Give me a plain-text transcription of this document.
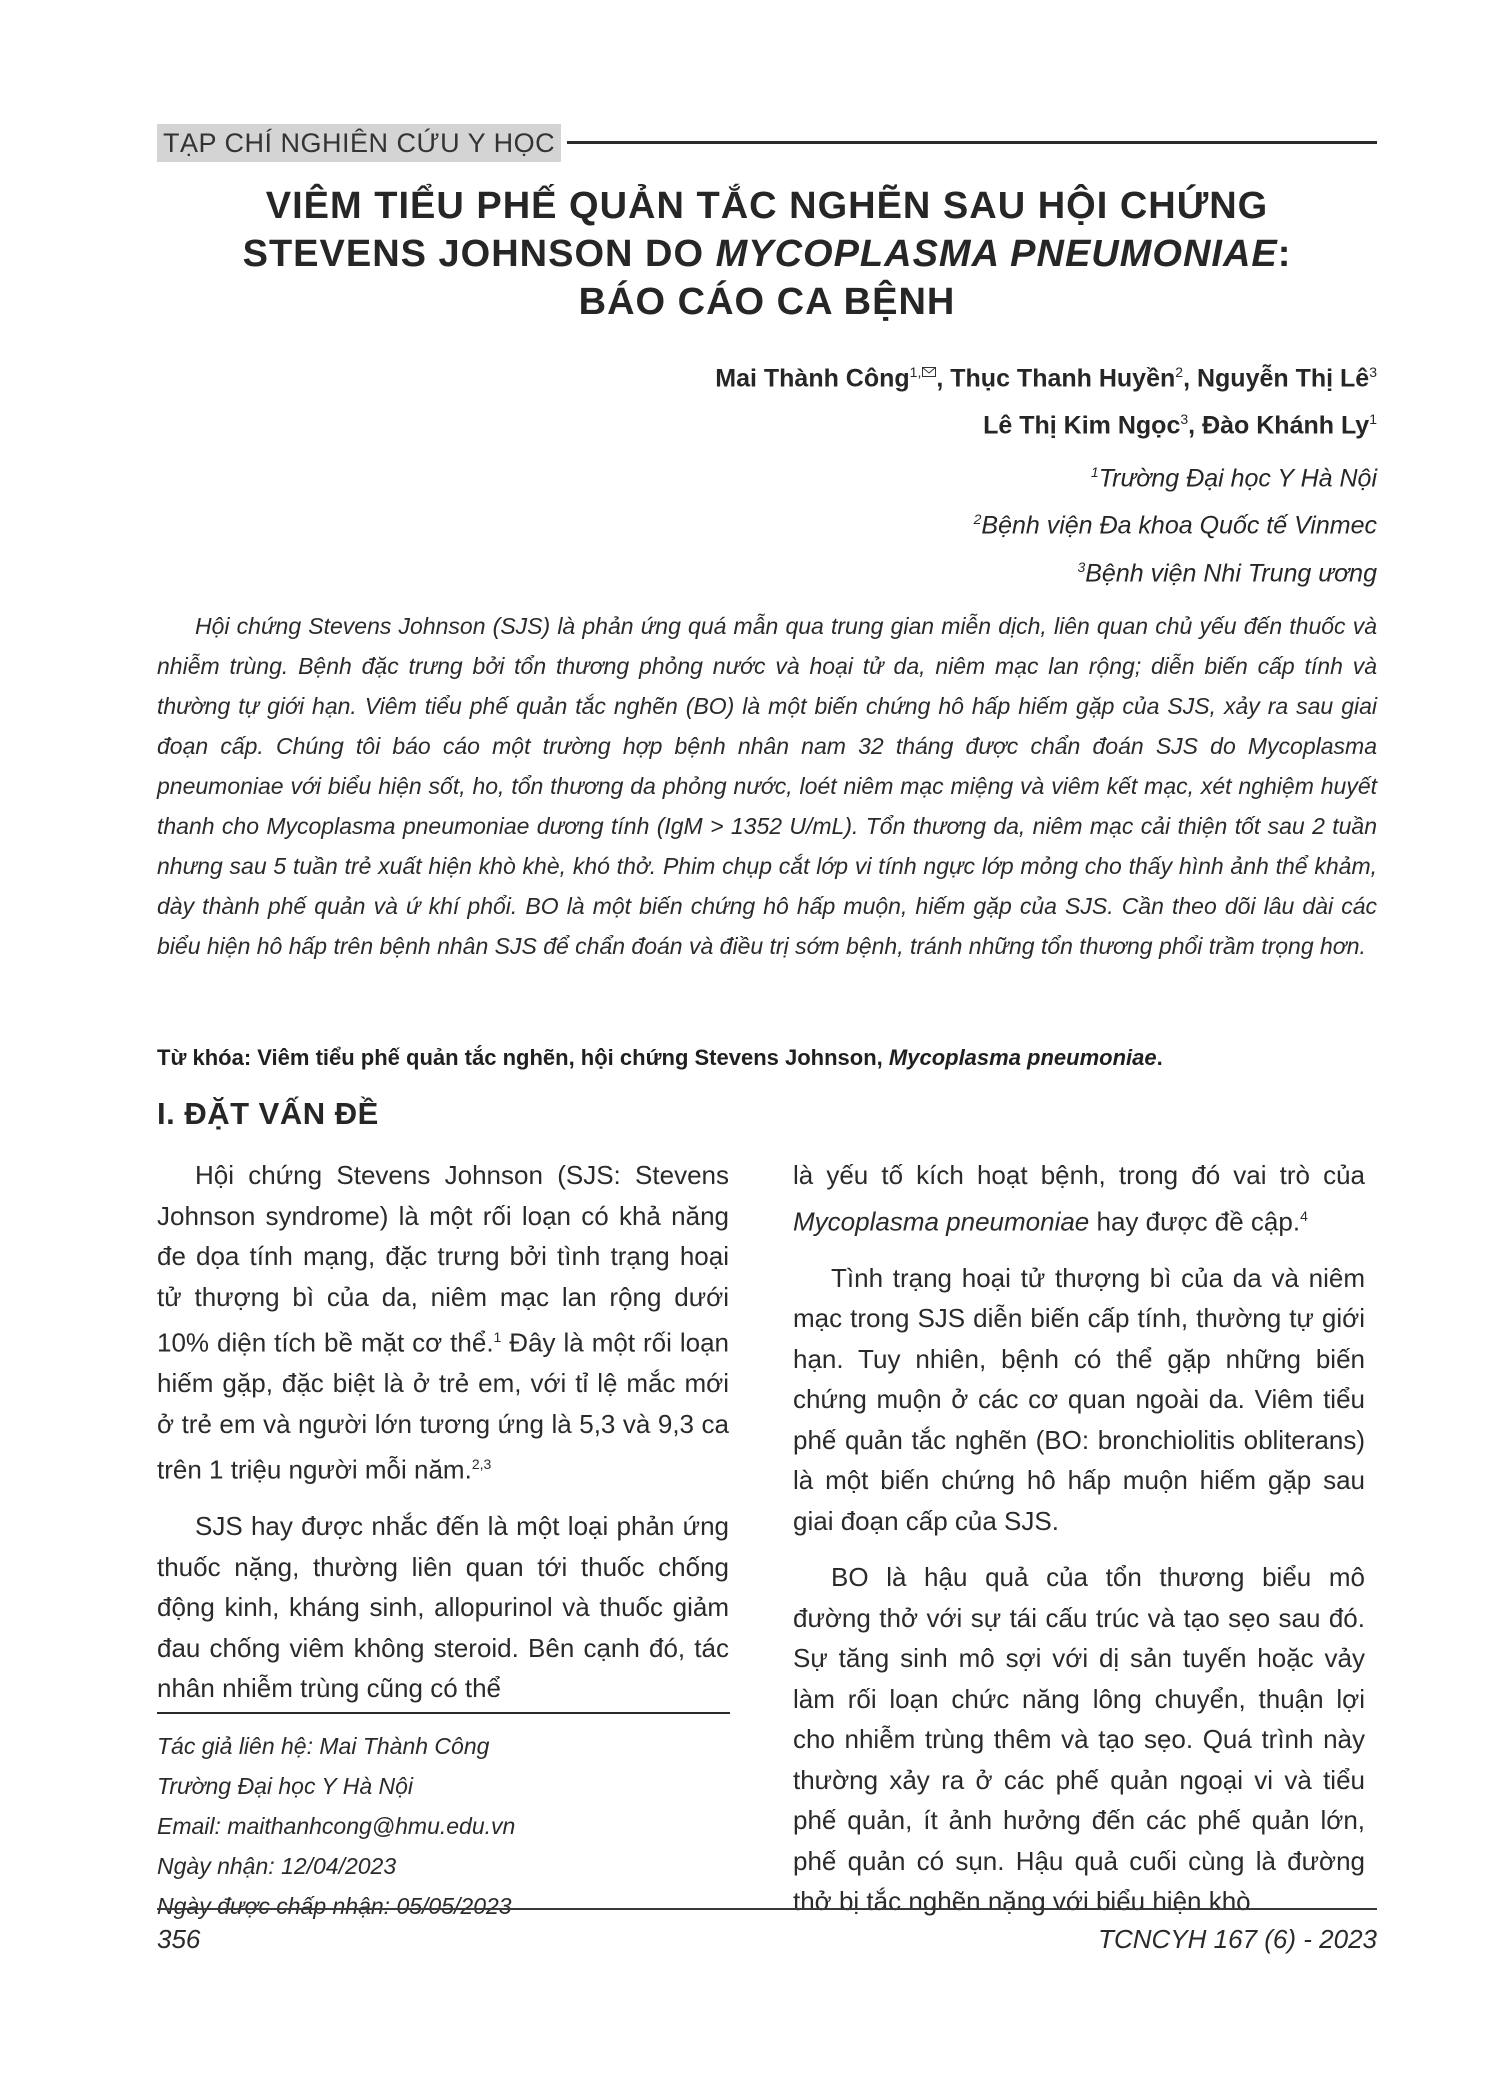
TẠP CHÍ NGHIÊN CỨU Y HỌC
VIÊM TIỂU PHẾ QUẢN TẮC NGHẼN SAU HỘI CHỨNG
STEVENS JOHNSON DO MYCOPLASMA PNEUMONIAE:
BÁO CÁO CA BỆNH
Mai Thành Công$^{1,}$ , Thục Thanh Huyền$^2$, Nguyễn Thị $Lê^3$
Lê Thị Kim Ngọc$^3$, Đào Khánh Ly$^1$
$^1$Trường Đại học Y Hà Nội
$^2$Bệnh viện Đa khoa Quốc tế Vinmec
$^3$Bệnh viện Nhi Trung ương
Hội chứng Stevens Johnson (SJS) là phản ứng quá mẫn qua trung gian miễn dịch, liên quan chủ yếu đến thuốc và nhiễm trùng. Bệnh đặc trưng bởi tổn thương phỏng nước và hoại tử da, niêm mạc lan rộng; diễn biến cấp tính và thường tự giới hạn. Viêm tiểu phế quản tắc nghẽn (BO) là một biến chứng hô hấp hiếm gặp của SJS, xảy ra sau giai đoạn cấp. Chúng tôi báo cáo một trường hợp bệnh nhân nam 32 tháng được chẩn đoán SJS do Mycoplasma pneumoniae với biểu hiện sốt, ho, tổn thương da phỏng nước, loét niêm mạc miệng và viêm kết mạc, xét nghiệm huyết thanh cho Mycoplasma pneumoniae dương tính (IgM > 1352 U/mL). Tổn thương da, niêm mạc cải thiện tốt sau 2 tuần nhưng sau 5 tuần trẻ xuất hiện khò khè, khó thở. Phim chụp cắt lớp vi tính ngực lớp mỏng cho thấy hình ảnh thể khảm, dày thành phế quản và ứ khí phổi. BO là một biến chứng hô hấp muộn, hiếm gặp của SJS. Cần theo dõi lâu dài các biểu hiện hô hấp trên bệnh nhân SJS để chẩn đoán và điều trị sớm bệnh, tránh những tổn thương phổi trầm trọng hơn.
Từ khóa: Viêm tiểu phế quản tắc nghẽn, hội chứng Stevens Johnson, Mycoplasma pneumoniae.
I. ĐẶT VẤN ĐỀ

Hội chứng Stevens Johnson (SJS: Stevens Johnson syndrome) là một rối loạn có khả năng đe dọa tính mạng, đặc trưng bởi tình trạng hoại tử thượng bì của da, niêm mạc lan rộng dưới 10% diện tích bề mặt cơ thể.$^1$ Đây là một rối loạn hiếm gặp, đặc biệt là ở trẻ em, với tỉ lệ mắc mới ở trẻ em và người lớn tương ứng là 5,3 và 9,3 ca trên 1 triệu người mỗi năm.$^{2,3}$

SJS hay được nhắc đến là một loại phản ứng thuốc nặng, thường liên quan tới thuốc chống động kinh, kháng sinh, allopurinol và thuốc giảm đau chống viêm không steroid. Bên cạnh đó, tác nhân nhiễm trùng cũng có thể

Tác giả liên hệ: Mai Thành Công
Trường Đại học Y Hà Nội
Email: maithanhcong@hmu.edu.vn
Ngày nhận: 12/04/2023
Ngày được chấp nhận: 05/05/2023

là yếu tố kích hoạt bệnh, trong đó vai trò của Mycoplasma pneumoniae hay được đề cập.$^4$

Tình trạng hoại tử thượng bì của da và niêm mạc trong SJS diễn biến cấp tính, thường tự giới hạn. Tuy nhiên, bệnh có thể gặp những biến chứng muộn ở các cơ quan ngoài da. Viêm tiểu phế quản tắc nghẽn (BO: bronchiolitis obliterans) là một biến chứng hô hấp muộn hiếm gặp sau giai đoạn cấp của SJS.

BO là hậu quả của tổn thương biểu mô đường thở với sự tái cấu trúc và tạo sẹo sau đó. Sự tăng sinh mô sợi với dị sản tuyến hoặc vảy làm rối loạn chức năng lông chuyển, thuận lợi cho nhiễm trùng thêm và tạo sẹo. Quá trình này thường xảy ra ở các phế quản ngoại vi và tiểu phế quản, ít ảnh hưởng đến các phế quản lớn, phế quản có sụn. Hậu quả cuối cùng là đường thở bị tắc nghẽn nặng với biểu hiện khò

356	TCNCYH 167 (6) - 2023
